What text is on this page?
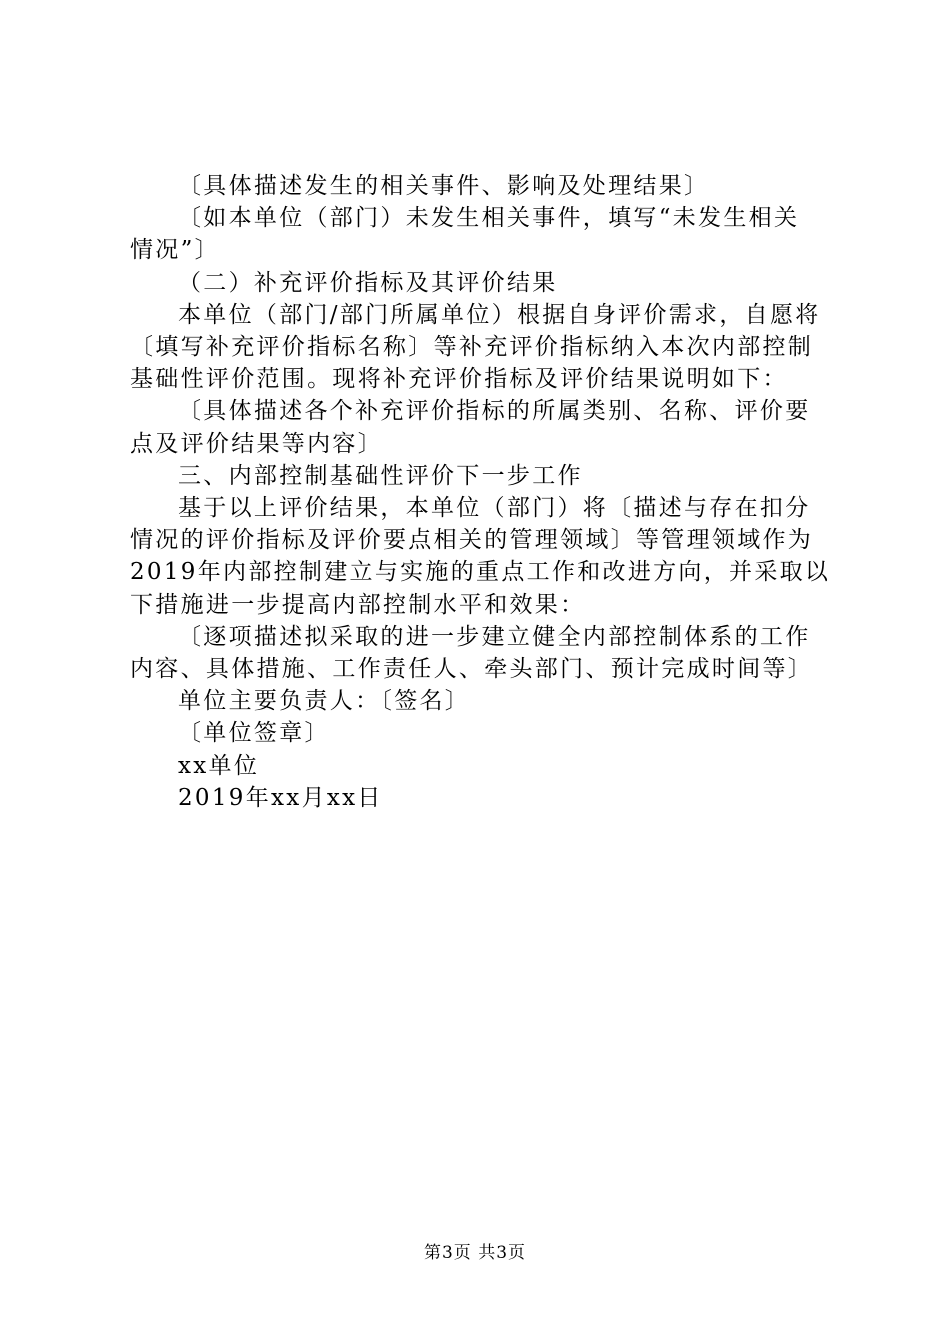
〔具体描述发生的相关事件、影响及处理结果〕

〔如本单位（部门）未发生相关事件，填写“未发生相关
情况”〕

（二）补充评价指标及其评价结果

本单位（部门/部门所属单位）根据自身评价需求，自愿将
〔填写补充评价指标名称〕等补充评价指标纳入本次内部控制
基础性评价范围。现将补充评价指标及评价结果说明如下：

〔具体描述各个补充评价指标的所属类别、名称、评价要
点及评价结果等内容〕

三、内部控制基础性评价下一步工作

基于以上评价结果，本单位（部门）将〔描述与存在扣分
情况的评价指标及评价要点相关的管理领域〕等管理领域作为
2019年内部控制建立与实施的重点工作和改进方向，并采取以
下措施进一步提高内部控制水平和效果：

〔逐项描述拟采取的进一步建立健全内部控制体系的工作
内容、具体措施、工作责任人、牵头部门、预计完成时间等〕

单位主要负责人：〔签名〕

〔单位签章〕

xx单位

2019年xx月xx日

第3页 共3页
